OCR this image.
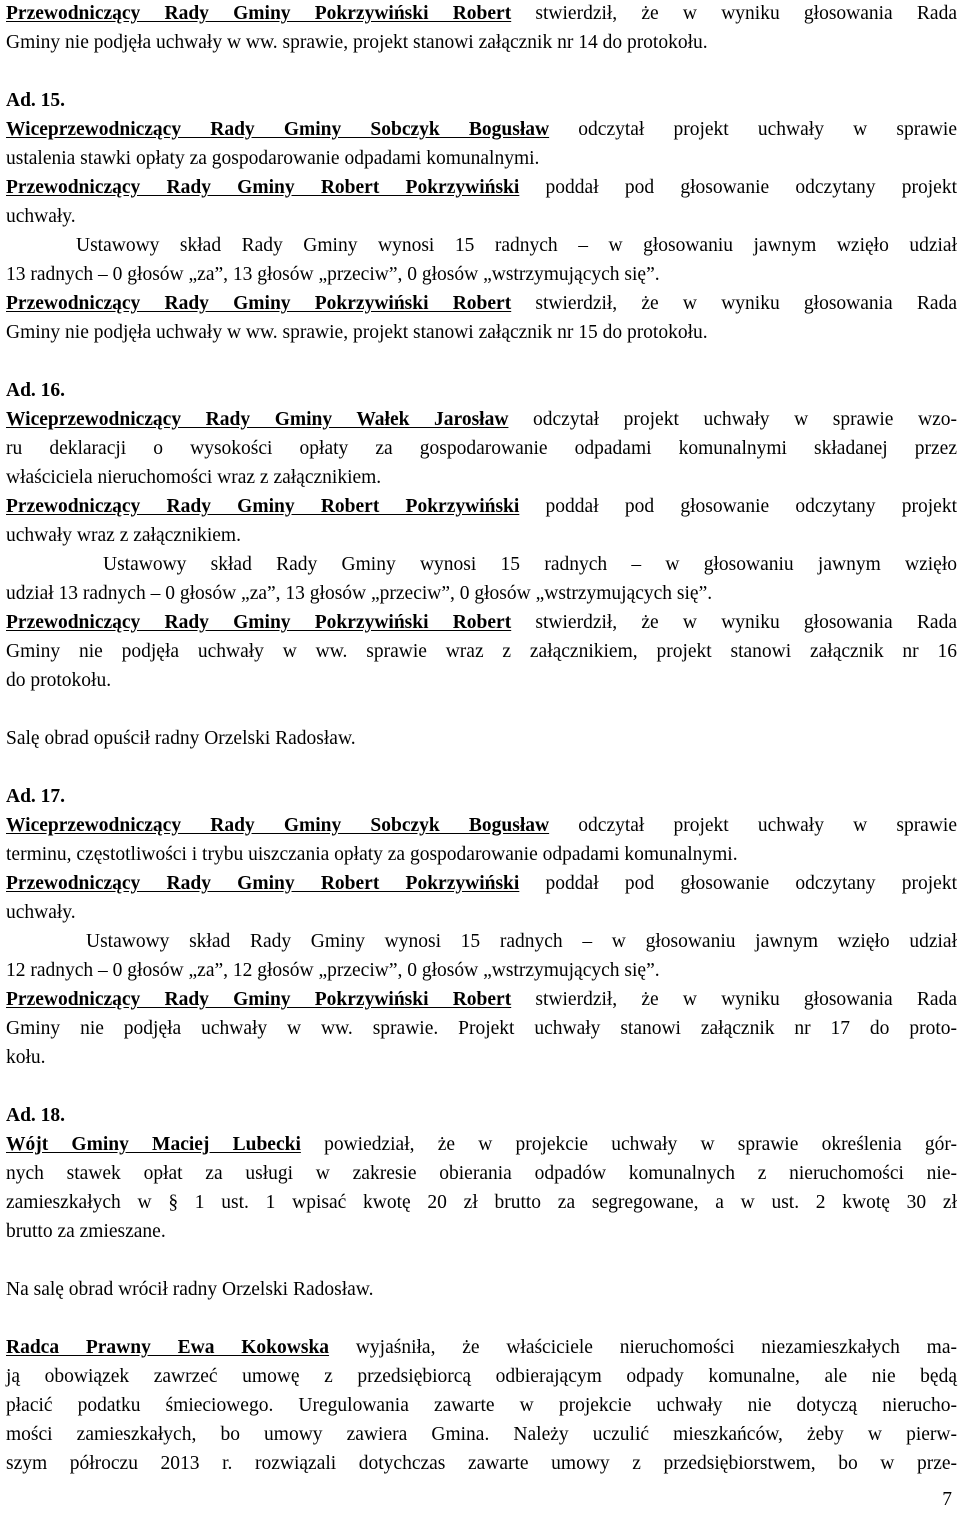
Przewodniczący Rady Gminy Pokrzywiński Robert stwierdził, że w wyniku głosowania Rada
Gminy nie podjęła uchwały w ww. sprawie, projekt stanowi załącznik nr 14 do protokołu.
Ad. 15.
Wiceprzewodniczący Rady Gminy Sobczyk Bogusław odczytał projekt uchwały w sprawie
ustalenia stawki opłaty za gospodarowanie odpadami komunalnymi.
Przewodniczący Rady Gminy Robert Pokrzywiński poddał pod głosowanie odczytany projekt
uchwały.
Ustawowy skład Rady Gminy wynosi 15 radnych – w głosowaniu jawnym wzięło udział
13 radnych – 0 głosów „za”, 13 głosów „przeciw”, 0 głosów „wstrzymujących się”.
Przewodniczący Rady Gminy Pokrzywiński Robert stwierdził, że w wyniku głosowania Rada
Gminy nie podjęła uchwały w ww. sprawie, projekt stanowi załącznik nr 15 do protokołu.
Ad. 16.
Wiceprzewodniczący Rady Gminy Wałek Jarosław odczytał projekt uchwały w sprawie wzo-
ru deklaracji o wysokości opłaty za gospodarowanie odpadami komunalnymi składanej przez
właściciela nieruchomości wraz z załącznikiem.
Przewodniczący Rady Gminy Robert Pokrzywiński poddał pod głosowanie odczytany projekt
uchwały wraz z załącznikiem.
Ustawowy skład Rady Gminy wynosi 15 radnych – w głosowaniu jawnym wzięło
udział 13 radnych – 0 głosów „za”, 13 głosów „przeciw”, 0 głosów „wstrzymujących się”.
Przewodniczący Rady Gminy Pokrzywiński Robert stwierdził, że w wyniku głosowania Rada
Gminy nie podjęła uchwały w ww. sprawie wraz z załącznikiem, projekt stanowi załącznik nr 16
do protokołu.
Salę obrad opuścił radny Orzelski Radosław.
Ad. 17.
Wiceprzewodniczący Rady Gminy Sobczyk Bogusław odczytał projekt uchwały w sprawie
terminu, częstotliwości i trybu uiszczania opłaty za gospodarowanie odpadami komunalnymi.
Przewodniczący Rady Gminy Robert Pokrzywiński poddał pod głosowanie odczytany projekt
uchwały.
Ustawowy skład Rady Gminy wynosi 15 radnych – w głosowaniu jawnym wzięło udział
12 radnych – 0 głosów „za”, 12 głosów „przeciw”, 0 głosów „wstrzymujących się”.
Przewodniczący Rady Gminy Pokrzywiński Robert stwierdził, że w wyniku głosowania Rada
Gminy nie podjęła uchwały w ww. sprawie. Projekt uchwały stanowi załącznik nr 17 do proto-
kołu.
Ad. 18.
Wójt Gminy Maciej Lubecki powiedział, że w projekcie uchwały w sprawie określenia gór-
nych stawek opłat za usługi w zakresie obierania odpadów komunalnych z nieruchomości nie-
zamieszkałych w § 1 ust. 1 wpisać kwotę 20 zł brutto za segregowane, a w ust. 2 kwotę 30 zł
brutto za zmieszane.
Na salę obrad wrócił radny Orzelski Radosław.
Radca Prawny Ewa Kokowska wyjaśniła, że właściciele nieruchomości niezamieszkałych ma-
ją obowiązek zawrzeć umowę z przedsiębiorcą odbierającym odpady komunalne, ale nie będą
płacić podatku śmieciowego. Uregulowania zawarte w projekcie uchwały nie dotyczą nierucho-
mości zamieszkałych, bo umowy zawiera Gmina. Należy uczulić mieszkańców, żeby w pierw-
szym półroczu 2013 r. rozwiązali dotychczas zawarte umowy z przedsiębiorstwem, bo w prze-
7
